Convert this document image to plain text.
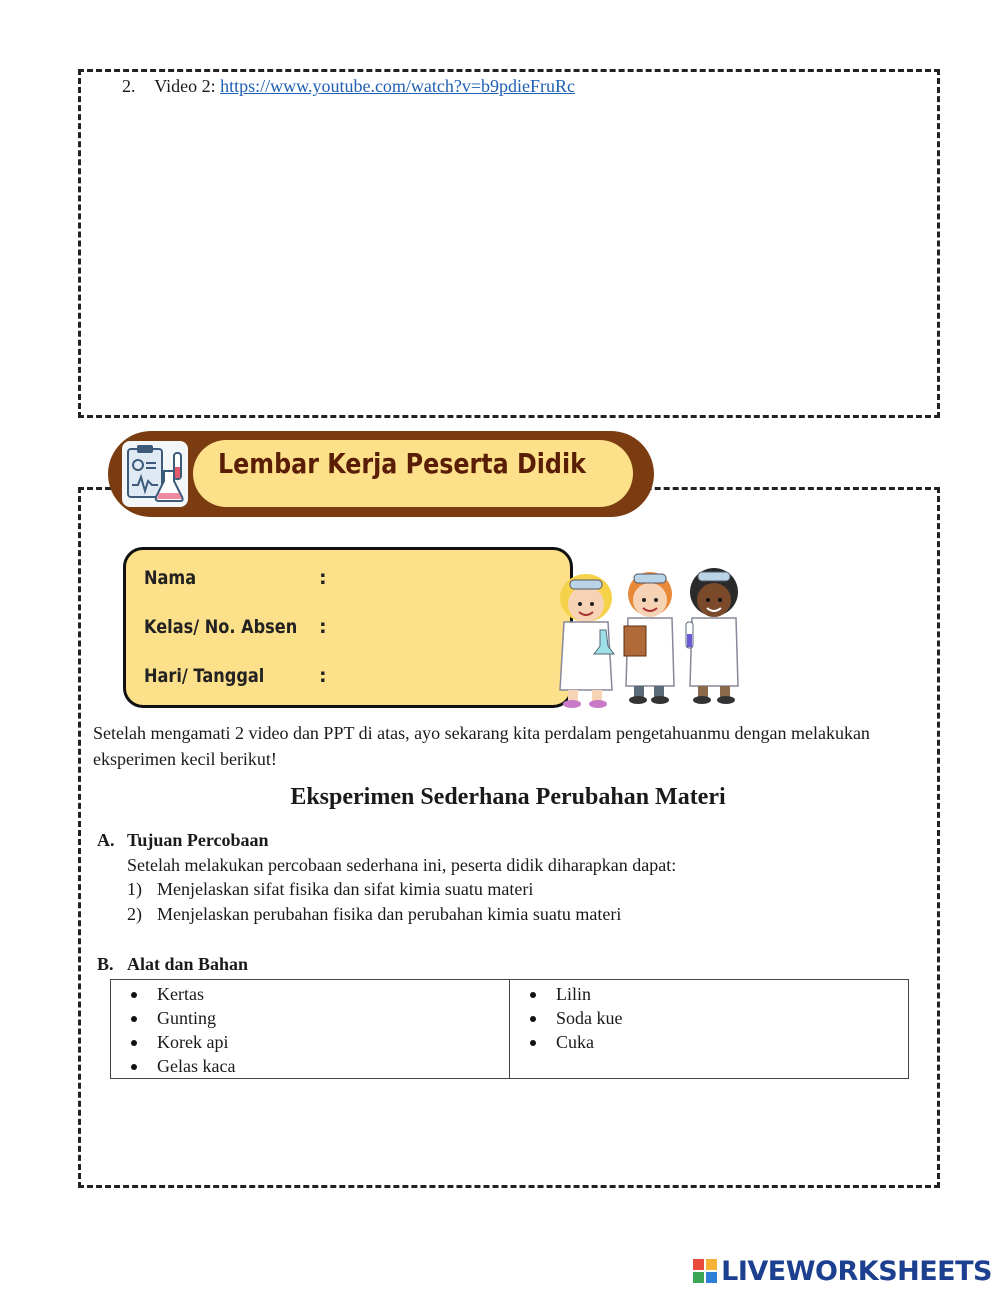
2. Video 2: https://www.youtube.com/watch?v=b9pdieFruRc
Lembar Kerja Peserta Didik
Nama	:
Kelas/ No. Absen :
Hari/ Tanggal	:
Setelah mengamati 2 video dan PPT di atas, ayo sekarang kita perdalam pengetahuanmu dengan melakukan eksperimen kecil berikut!
Eksperimen Sederhana Perubahan Materi
A. Tujuan Percobaan
Setelah melakukan percobaan sederhana ini, peserta didik diharapkan dapat:
1) Menjelaskan sifat fisika dan sifat kimia suatu materi
2) Menjelaskan perubahan fisika dan perubahan kimia suatu materi
B. Alat dan Bahan
Kertas
Gunting
Korek api
Gelas kaca

Lilin
Soda kue
Cuka
LIVEWORKSHEETS
